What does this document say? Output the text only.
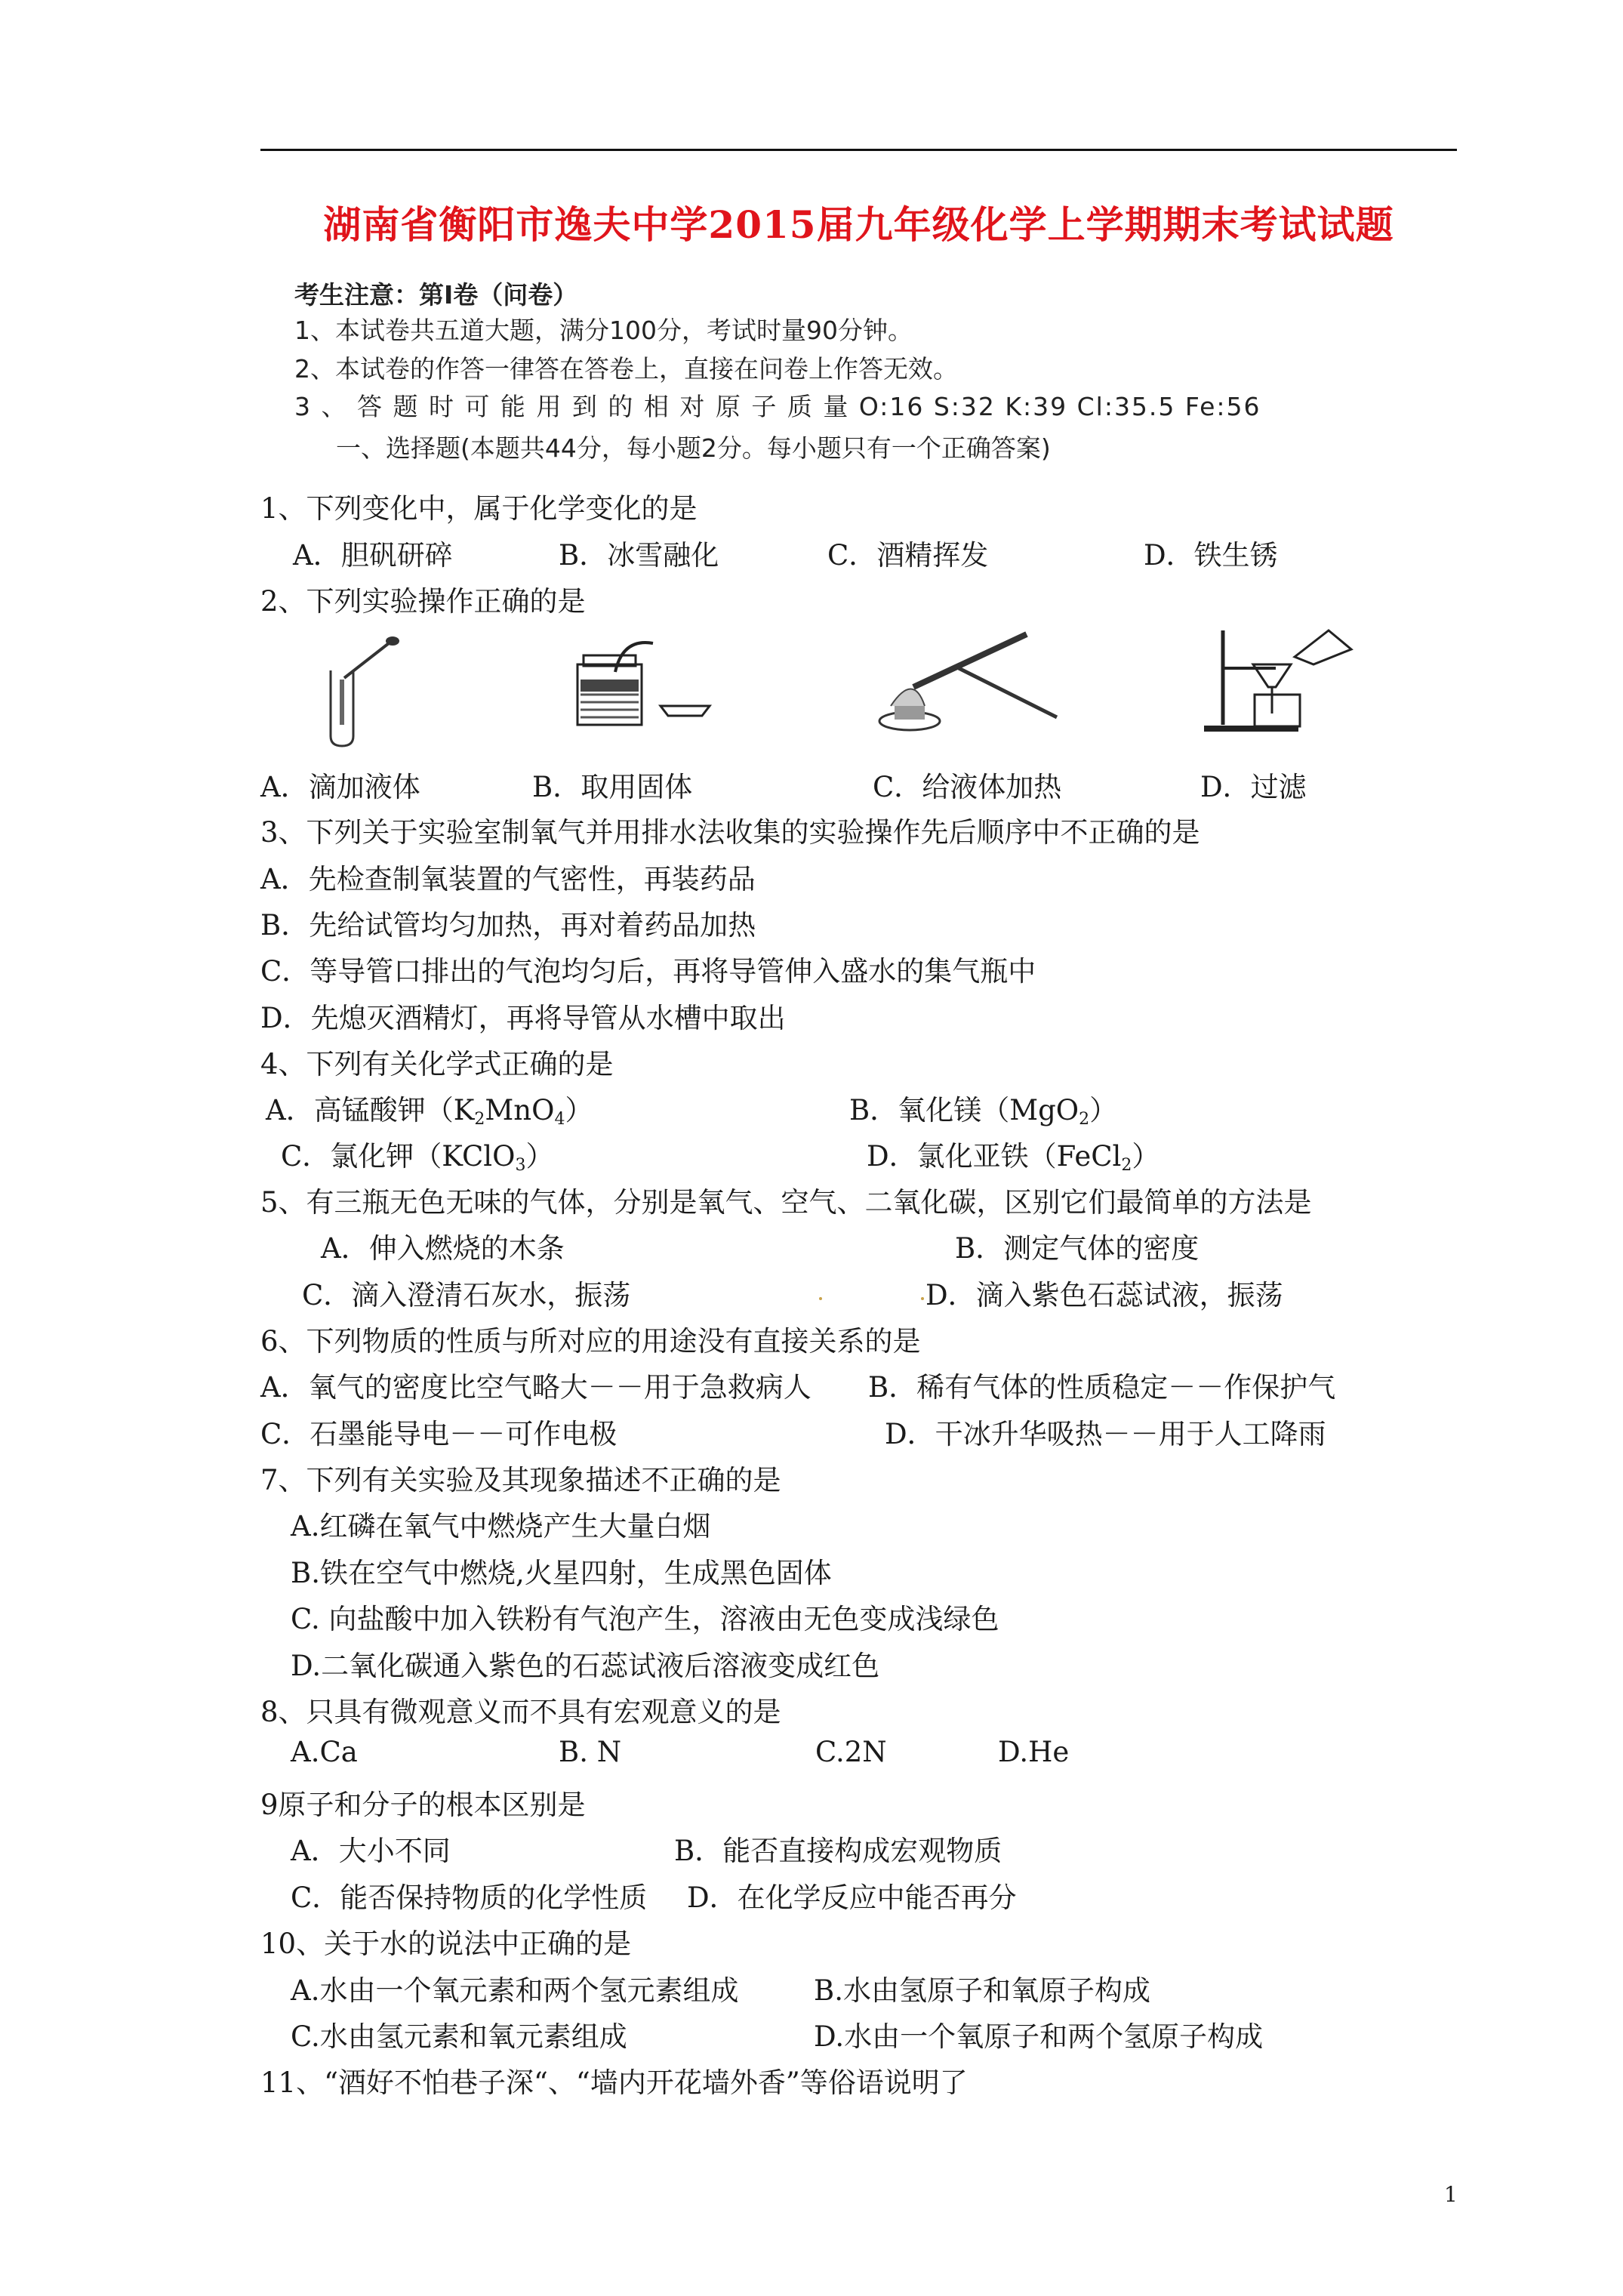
湖南省衡阳市逸夫中学2015届九年级化学上学期期末考试试题
考生注意：第Ⅰ卷（问卷）
1、本试卷共五道大题，满分100分，考试时量90分钟。
2、本试卷的作答一律答在答卷上，直接在问卷上作答无效。
3 、 答 题 时 可 能 用 到 的 相 对 原 子 质 量 O:16 S:32 K:39 Cl:35.5 Fe:56
一、选择题(本题共44分，每小题2分。每小题只有一个正确答案)
1、下列变化中，属于化学变化的是
A．胆矾研碎	B．冰雪融化	C．酒精挥发	D．铁生锈
2、下列实验操作正确的是
A．滴加液体	B．取用固体	C．给液体加热	D．过滤
3、下列关于实验室制氧气并用排水法收集的实验操作先后顺序中不正确的是
A．先检查制氧装置的气密性，再装药品
B．先给试管均匀加热，再对着药品加热
C．等导管口排出的气泡均匀后，再将导管伸入盛水的集气瓶中
D．先熄灭酒精灯，再将导管从水槽中取出
4、下列有关化学式正确的是
A．高锰酸钾$(K_2MnO_4)$	B．氧化镁（MgO$_2$）
C．氯化钾（KClO$_3$）	D．氯化亚铁（FeCl$_2$）
5、有三瓶无色无味的气体，分别是氧气、空气、二氧化碳，区别它们最简单的方法是
A．伸入燃烧的木条	B．测定气体的密度
C．滴入澄清石灰水，振荡	D．滴入紫色石蕊试液，振荡
6、下列物质的性质与所对应的用途没有直接关系的是
A．氧气的密度比空气略大－－用于急救病人 B．稀有气体的性质稳定－－作保护气
C．石墨能导电－－可作电极	D．干冰升华吸热－－用于人工降雨
7、下列有关实验及其现象描述不正确的是
A.红磷在氧气中燃烧产生大量白烟
B.铁在空气中燃烧,火星四射，生成黑色固体
C. 向盐酸中加入铁粉有气泡产生，溶液由无色变成浅绿色
D.二氧化碳通入紫色的石蕊试液后溶液变成红色
8、只具有微观意义而不具有宏观意义的是
A.Ca	B. N	C.2N	D.He
9原子和分子的根本区别是
A．大小不同	B．能否直接构成宏观物质
C．能否保持物质的化学性质 D．在化学反应中能否再分
10、关于水的说法中正确的是
A.水由一个氧元素和两个氢元素组成	B.水由氢原子和氧原子构成
C.水由氢元素和氧元素组成	D.水由一个氧原子和两个氢原子构成
11、“酒好不怕巷子深“、“墙内开花墙外香”等俗语说明了
1
